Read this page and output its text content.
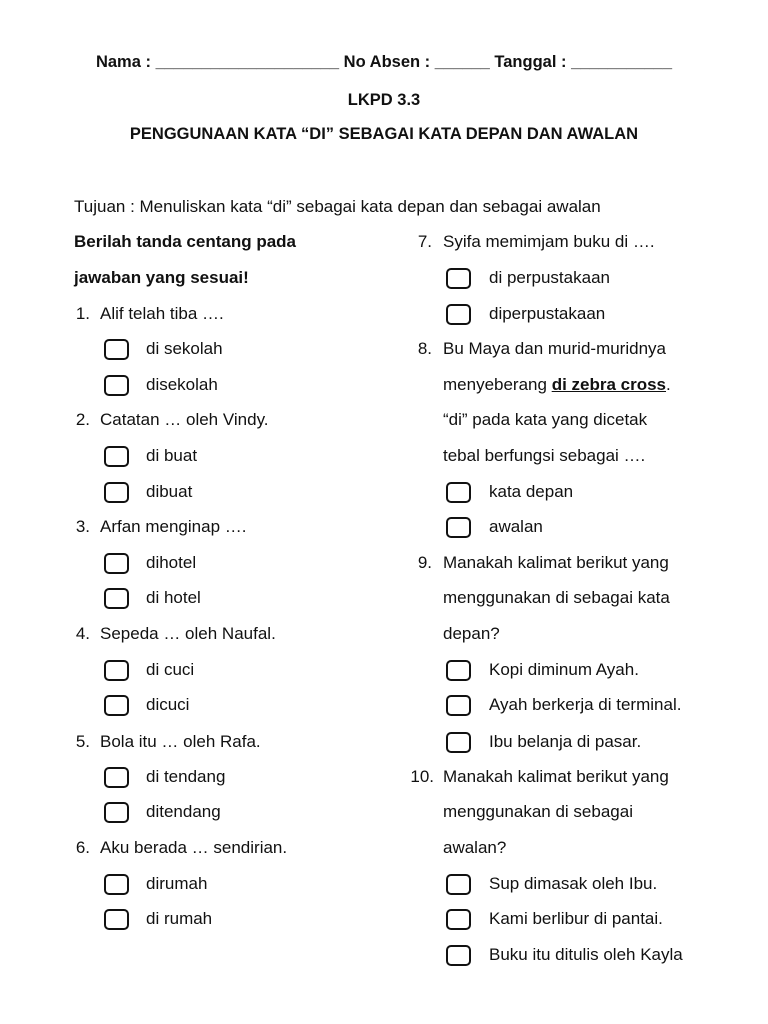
Nama : ____________________ No Absen : ______ Tanggal : ___________
LKPD 3.3
PENGGUNAAN KATA “DI” SEBAGAI KATA DEPAN DAN AWALAN
Tujuan : Menuliskan kata “di” sebagai kata depan dan sebagai awalan
Berilah tanda centang pada
jawaban yang sesuai!
1. Alif telah tiba ….
di sekolah
disekolah
2. Catatan … oleh Vindy.
di buat
dibuat
3. Arfan menginap ….
dihotel
di hotel
4. Sepeda … oleh Naufal.
di cuci
dicuci
5. Bola itu … oleh Rafa.
di tendang
ditendang
6. Aku berada … sendirian.
dirumah
di rumah
7. Syifa memimjam buku di ….
di perpustakaan
diperpustakaan
8. Bu Maya dan murid-muridnya
menyeberang di zebra cross.
“di” pada kata yang dicetak
tebal berfungsi sebagai ….
kata depan
awalan
9. Manakah kalimat berikut yang
menggunakan di sebagai kata
depan?
Kopi diminum Ayah.
Ayah berkerja di terminal.
Ibu belanja di pasar.
10. Manakah kalimat berikut yang
menggunakan di sebagai
awalan?
Sup dimasak oleh Ibu.
Kami berlibur di pantai.
Buku itu ditulis oleh Kayla
